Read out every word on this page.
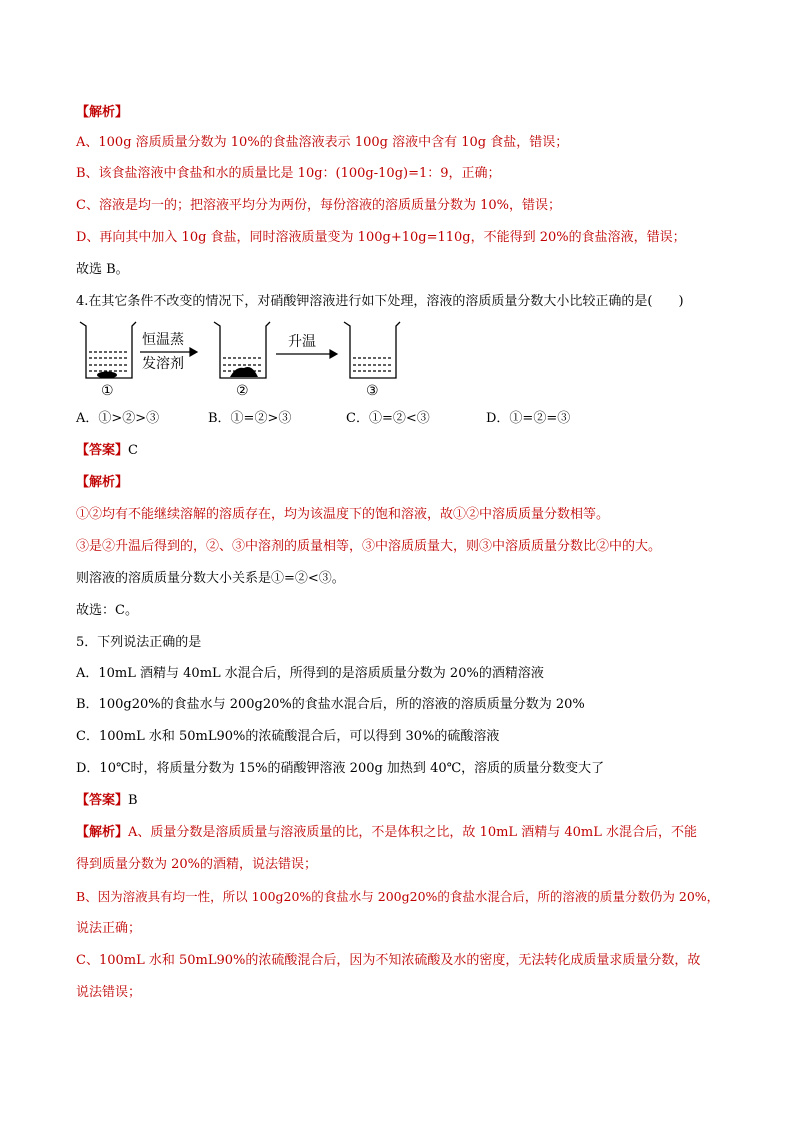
【解析】
A、100g 溶质质量分数为 10%的食盐溶液表示 100g 溶液中含有 10g 食盐，错误；
B、该食盐溶液中食盐和水的质量比是 10g：(100g-10g)=1：9，正确；
C、溶液是均一的；把溶液平均分为两份，每份溶液的溶质质量分数为 10%，错误；
D、再向其中加入 10g 食盐，同时溶液质量变为 100g+10g=110g，不能得到 20%的食盐溶液，错误；
故选 B。
4.在其它条件不改变的情况下，对硝酸钾溶液进行如下处理，溶液的溶质质量分数大小比较正确的是(　　)
①
恒温蒸
发溶剂
②
升温
③
A．①>②>③	B．①=②>③	C．①=②<③	D．①=②=③
【答案】C
【解析】
①②均有不能继续溶解的溶质存在，均为该温度下的饱和溶液，故①②中溶质质量分数相等。
③是②升温后得到的，②、③中溶剂的质量相等，③中溶质质量大，则③中溶质质量分数比②中的大。
则溶液的溶质质量分数大小关系是①=②<③。
故选：C。
5．下列说法正确的是
A．10mL 酒精与 40mL 水混合后，所得到的是溶质质量分数为 20%的酒精溶液
B．100g20%的食盐水与 200g20%的食盐水混合后，所的溶液的溶质质量分数为 20%
C．100mL 水和 50mL90%的浓硫酸混合后，可以得到 30%的硫酸溶液
D．10℃时，将质量分数为 15%的硝酸钾溶液 200g 加热到 40℃，溶质的质量分数变大了
【答案】B
【解析】A、质量分数是溶质质量与溶液质量的比，不是体积之比，故 10mL 酒精与 40mL 水混合后，不能
得到质量分数为 20%的酒精，说法错误；
B、因为溶液具有均一性，所以 100g20%的食盐水与 200g20%的食盐水混合后，所的溶液的质量分数仍为 20%，
说法正确；
C、100mL 水和 50mL90%的浓硫酸混合后，因为不知浓硫酸及水的密度，无法转化成质量求质量分数，故
说法错误；
